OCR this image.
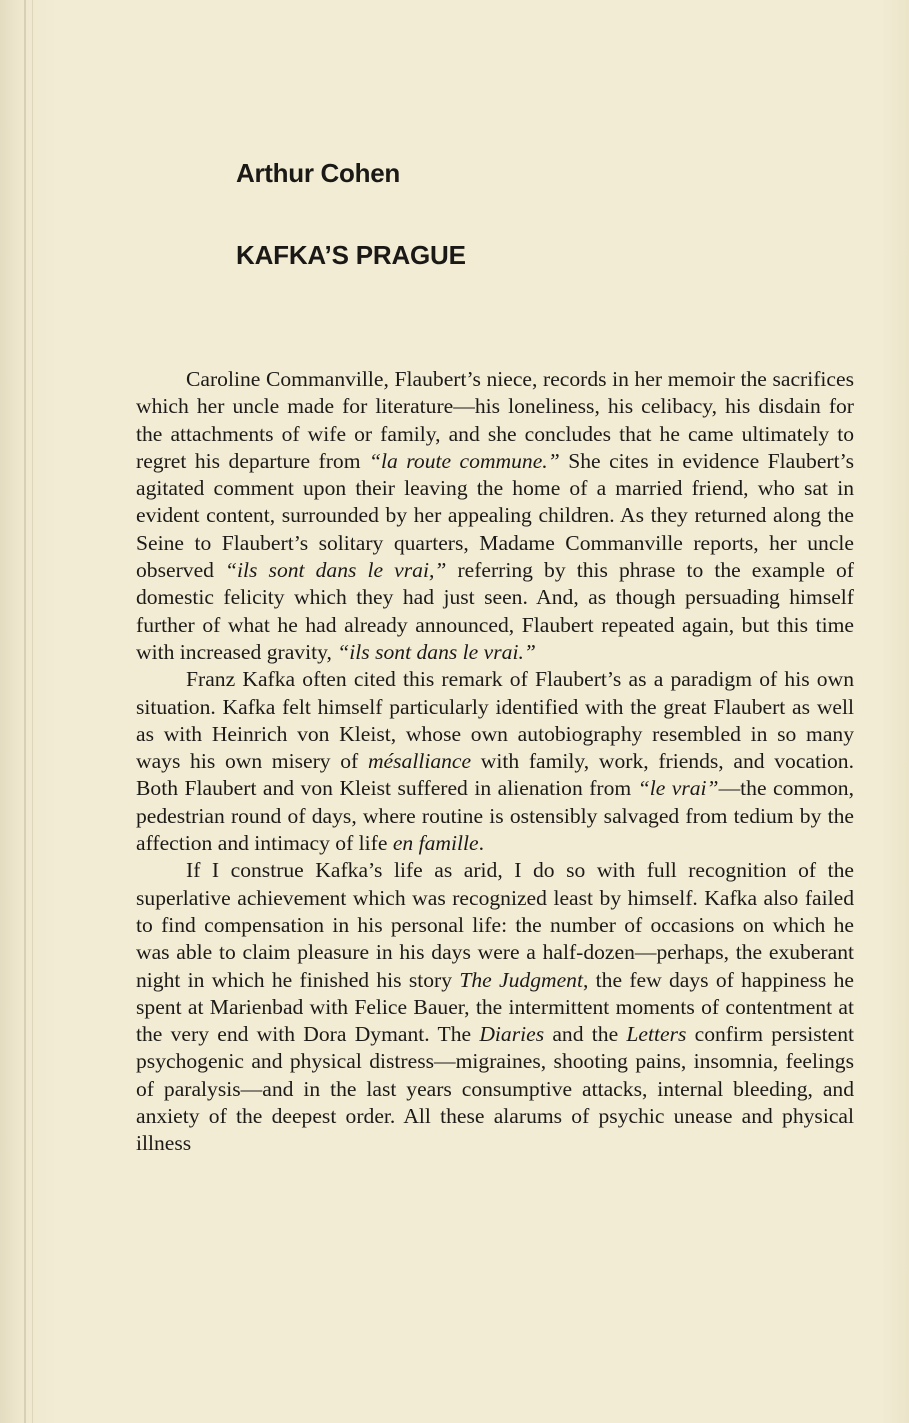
Arthur Cohen
KAFKA’S PRAGUE

Caroline Commanville, Flaubert’s niece, records in her memoir the sacrifices which her uncle made for literature—his loneliness, his celibacy, his disdain for the attachments of wife or family, and she concludes that he came ultimately to regret his departure from “la route commune.” She cites in evidence Flaubert’s agitated comment upon their leaving the home of a married friend, who sat in evident content, surrounded by her appealing children. As they returned along the Seine to Flaubert’s solitary quarters, Madame Commanville reports, her uncle observed “ils sont dans le vrai,” referring by this phrase to the example of domestic felicity which they had just seen. And, as though persuading himself further of what he had already announced, Flaubert repeated again, but this time with increased gravity, “ils sont dans le vrai.”

Franz Kafka often cited this remark of Flaubert’s as a paradigm of his own situation. Kafka felt himself particularly identified with the great Flaubert as well as with Heinrich von Kleist, whose own autobiography resembled in so many ways his own misery of mésalliance with family, work, friends, and vocation. Both Flaubert and von Kleist suffered in alienation from “le vrai”—the common, pedestrian round of days, where routine is ostensibly salvaged from tedium by the affection and intimacy of life en famille.

If I construe Kafka’s life as arid, I do so with full recognition of the superlative achievement which was recognized least by himself. Kafka also failed to find compensation in his personal life: the number of occasions on which he was able to claim pleasure in his days were a half-dozen—perhaps, the exuberant night in which he finished his story The Judgment, the few days of happiness he spent at Marienbad with Felice Bauer, the intermittent moments of contentment at the very end with Dora Dymant. The Diaries and the Letters confirm persistent psychogenic and physical distress—migraines, shooting pains, insomnia, feelings of paralysis—and in the last years consumptive attacks, internal bleeding, and anxiety of the deepest order. All these alarums of psychic unease and physical illness
